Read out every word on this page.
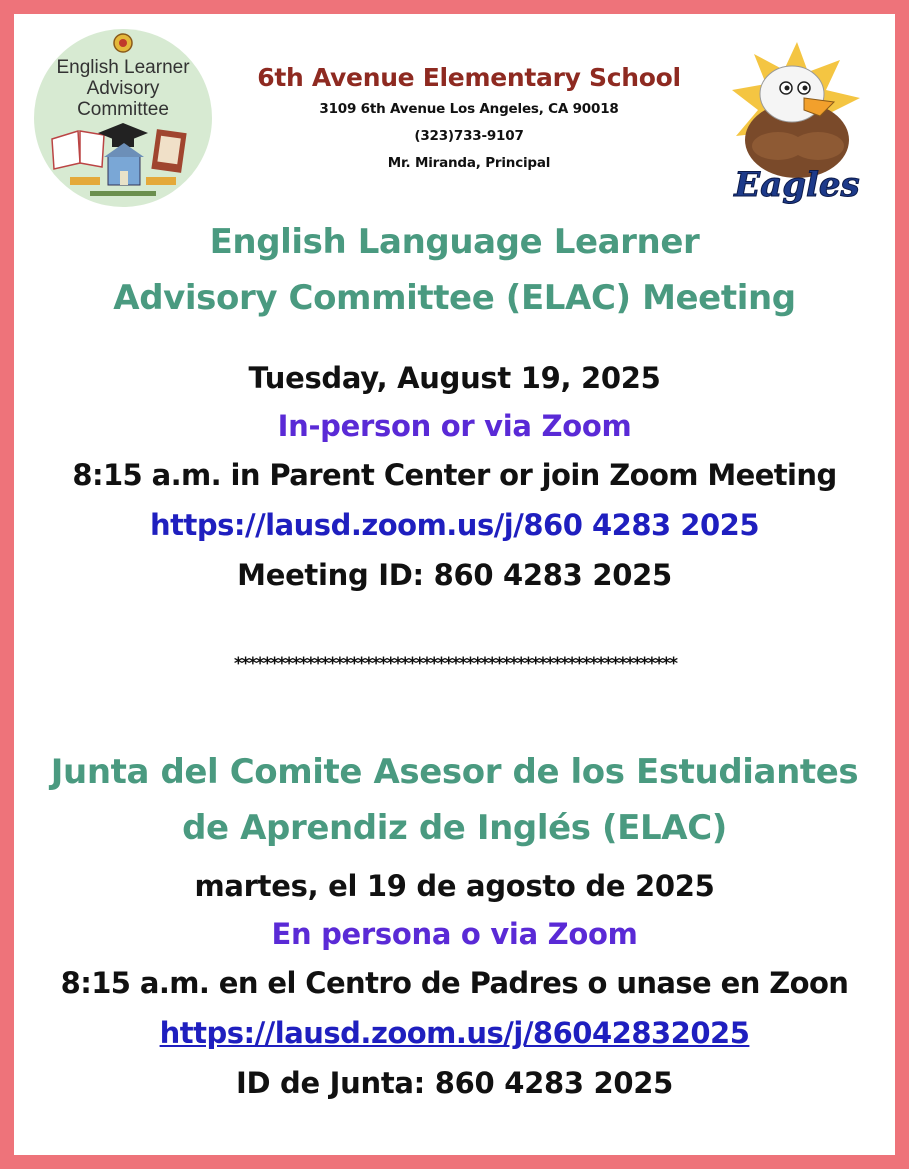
English Learner
Advisory
Committee
6th Avenue Elementary School
3109 6th Avenue Los Angeles, CA 90018
(323)733-9107
Mr. Miranda, Principal
Eagles
English Language Learner
Advisory Committee (ELAC) Meeting
Tuesday, August 19, 2025
In-person or via Zoom
8:15 a.m. in Parent Center or join Zoom Meeting
https://lausd.zoom.us/j/860 4283 2025
Meeting ID: 860 4283 2025
*************************************************************
Junta del Comite Asesor de los Estudiantes
de Aprendiz de Inglés (ELAC)
martes, el 19 de agosto de 2025
En persona o via Zoom
8:15 a.m. en el Centro de Padres o unase en Zoon
https://lausd.zoom.us/j/86042832025
ID de Junta: 860 4283 2025
